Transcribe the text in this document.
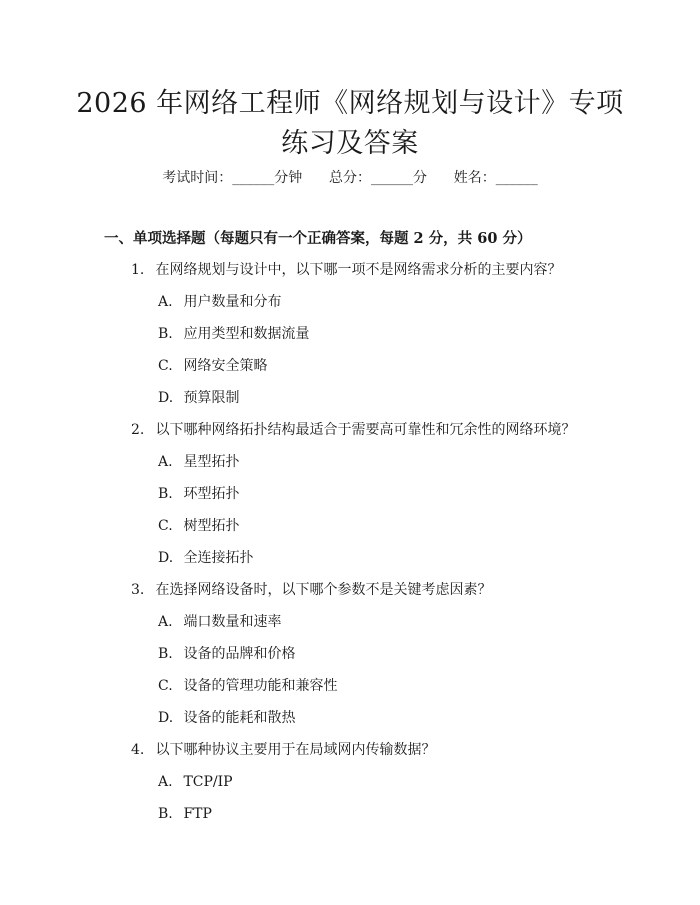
2026 年网络工程师《网络规划与设计》专项
练习及答案
考试时间：______分钟      总分：______分      姓名：______
一、单项选择题（每题只有一个正确答案，每题 2 分，共 60 分）
1. 在网络规划与设计中，以下哪一项不是网络需求分析的主要内容？
A. 用户数量和分布
B. 应用类型和数据流量
C. 网络安全策略
D. 预算限制
2. 以下哪种网络拓扑结构最适合于需要高可靠性和冗余性的网络环境？
A. 星型拓扑
B. 环型拓扑
C. 树型拓扑
D. 全连接拓扑
3. 在选择网络设备时，以下哪个参数不是关键考虑因素？
A. 端口数量和速率
B. 设备的品牌和价格
C. 设备的管理功能和兼容性
D. 设备的能耗和散热
4. 以下哪种协议主要用于在局域网内传输数据？
A. TCP/IP
B. FTP
